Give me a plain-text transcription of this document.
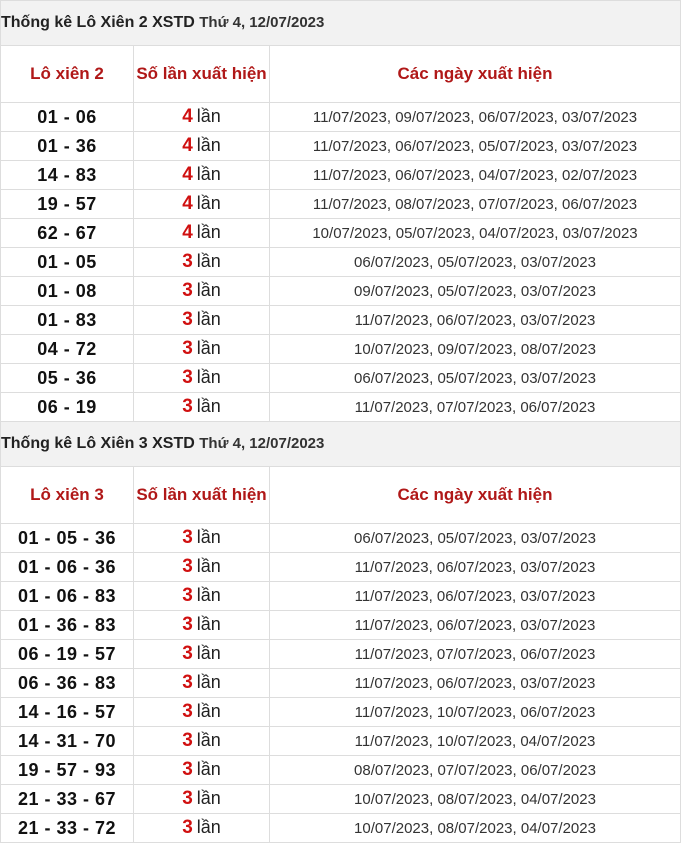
Thống kê Lô Xiên 2 XSTD Thứ 4, 12/07/2023		
Lô xiên 2	Số lần xuất hiện	Các ngày xuất hiện
01 - 06	4 lần	11/07/2023, 09/07/2023, 06/07/2023, 03/07/2023
01 - 36	4 lần	11/07/2023, 06/07/2023, 05/07/2023, 03/07/2023
14 - 83	4 lần	11/07/2023, 06/07/2023, 04/07/2023, 02/07/2023
19 - 57	4 lần	11/07/2023, 08/07/2023, 07/07/2023, 06/07/2023
62 - 67	4 lần	10/07/2023, 05/07/2023, 04/07/2023, 03/07/2023
01 - 05	3 lần	06/07/2023, 05/07/2023, 03/07/2023
01 - 08	3 lần	09/07/2023, 05/07/2023, 03/07/2023
01 - 83	3 lần	11/07/2023, 06/07/2023, 03/07/2023
04 - 72	3 lần	10/07/2023, 09/07/2023, 08/07/2023
05 - 36	3 lần	06/07/2023, 05/07/2023, 03/07/2023
06 - 19	3 lần	11/07/2023, 07/07/2023, 06/07/2023
Thống kê Lô Xiên 3 XSTD Thứ 4, 12/07/2023		
Lô xiên 3	Số lần xuất hiện	Các ngày xuất hiện
01 - 05 - 36	3 lần	06/07/2023, 05/07/2023, 03/07/2023
01 - 06 - 36	3 lần	11/07/2023, 06/07/2023, 03/07/2023
01 - 06 - 83	3 lần	11/07/2023, 06/07/2023, 03/07/2023
01 - 36 - 83	3 lần	11/07/2023, 06/07/2023, 03/07/2023
06 - 19 - 57	3 lần	11/07/2023, 07/07/2023, 06/07/2023
06 - 36 - 83	3 lần	11/07/2023, 06/07/2023, 03/07/2023
14 - 16 - 57	3 lần	11/07/2023, 10/07/2023, 06/07/2023
14 - 31 - 70	3 lần	11/07/2023, 10/07/2023, 04/07/2023
19 - 57 - 93	3 lần	08/07/2023, 07/07/2023, 06/07/2023
21 - 33 - 67	3 lần	10/07/2023, 08/07/2023, 04/07/2023
21 - 33 - 72	3 lần	10/07/2023, 08/07/2023, 04/07/2023
